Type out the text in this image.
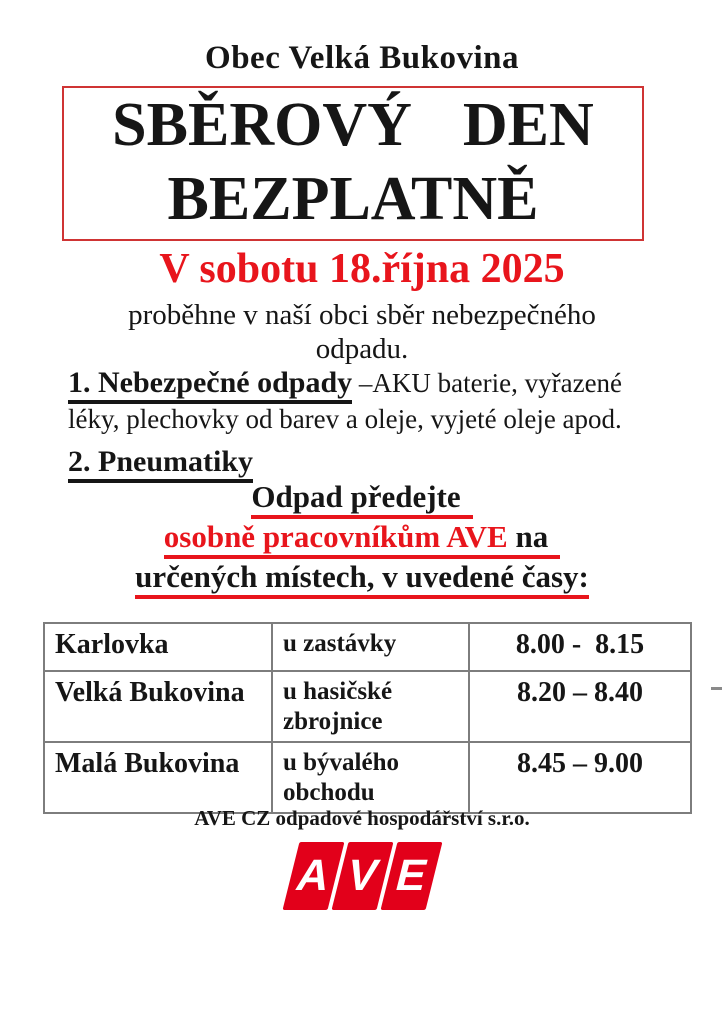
Obec Velká Bukovina
SBĚROVÝ  DEN
BEZPLATNĚ
V sobotu 18.října 2025
proběhne v naší obci sběr nebezpečného
odpadu.
1. Nebezpečné odpady –AKU baterie, vyřazené
léky, plechovky od barev a oleje, vyjeté oleje apod.
2. Pneumatiky
Odpad předejte
osobně pracovníkům AVE na
určených místech, v uvedené časy:
Karlovka	u zastávky	8.00 -  8.15
Velká Bukovina	u hasičské zbrojnice	8.20 – 8.40
Malá Bukovina	u bývalého obchodu	8.45 – 9.00
AVE CZ odpadové hospodářství s.r.o.
A V E
